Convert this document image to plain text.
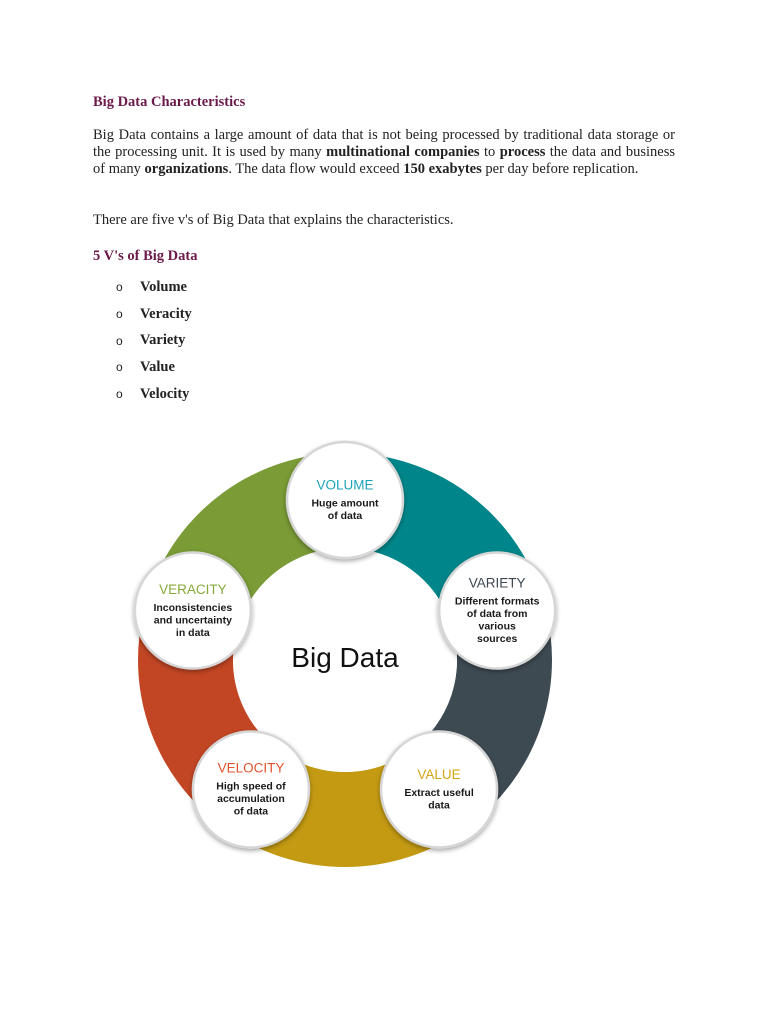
Big Data Characteristics

Big Data contains a large amount of data that is not being processed by traditional data storage or the processing unit. It is used by many multinational companies to process the data and business of many organizations. The data flow would exceed 150 exabytes per day before replication.

There are five v's of Big Data that explains the characteristics.

5 V's of Big Data
o	Volume
o	Veracity
o	Variety
o	Value
o	Velocity
Big Data
VOLUME
Huge amount
of data
VARIETY
Different formats
of data from
various
sources
VALUE
Extract useful
data
VELOCITY
High speed of
accumulation
of data
VERACITY
Inconsistencies
and uncertainty
in data
